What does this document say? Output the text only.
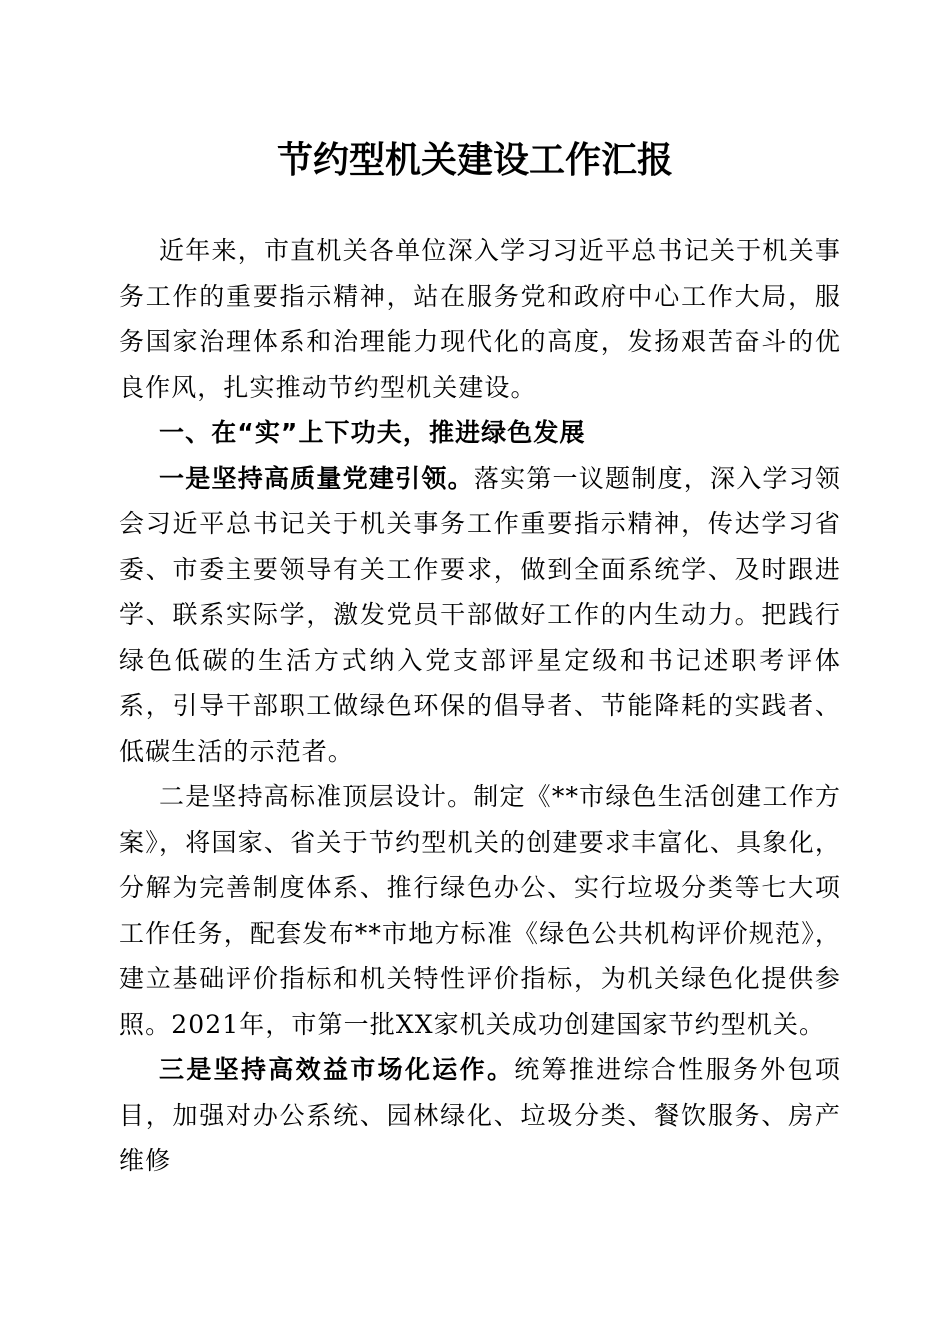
节约型机关建设工作汇报

近年来，市直机关各单位深入学习习近平总书记关于机关事务工作的重要指示精神，站在服务党和政府中心工作大局，服务国家治理体系和治理能力现代化的高度，发扬艰苦奋斗的优良作风，扎实推动节约型机关建设。

一、在“实”上下功夫，推进绿色发展

一是坚持高质量党建引领。落实第一议题制度，深入学习领会习近平总书记关于机关事务工作重要指示精神，传达学习省委、市委主要领导有关工作要求，做到全面系统学、及时跟进学、联系实际学，激发党员干部做好工作的内生动力。把践行绿色低碳的生活方式纳入党支部评星定级和书记述职考评体系，引导干部职工做绿色环保的倡导者、节能降耗的实践者、低碳生活的示范者。

二是坚持高标准顶层设计。制定《**市绿色生活创建工作方案》，将国家、省关于节约型机关的创建要求丰富化、具象化，分解为完善制度体系、推行绿色办公、实行垃圾分类等七大项工作任务，配套发布**市地方标准《绿色公共机构评价规范》，建立基础评价指标和机关特性评价指标，为机关绿色化提供参照。2021年，市第一批XX家机关成功创建国家节约型机关。

三是坚持高效益市场化运作。统筹推进综合性服务外包项目，加强对办公系统、园林绿化、垃圾分类、餐饮服务、房产维修
